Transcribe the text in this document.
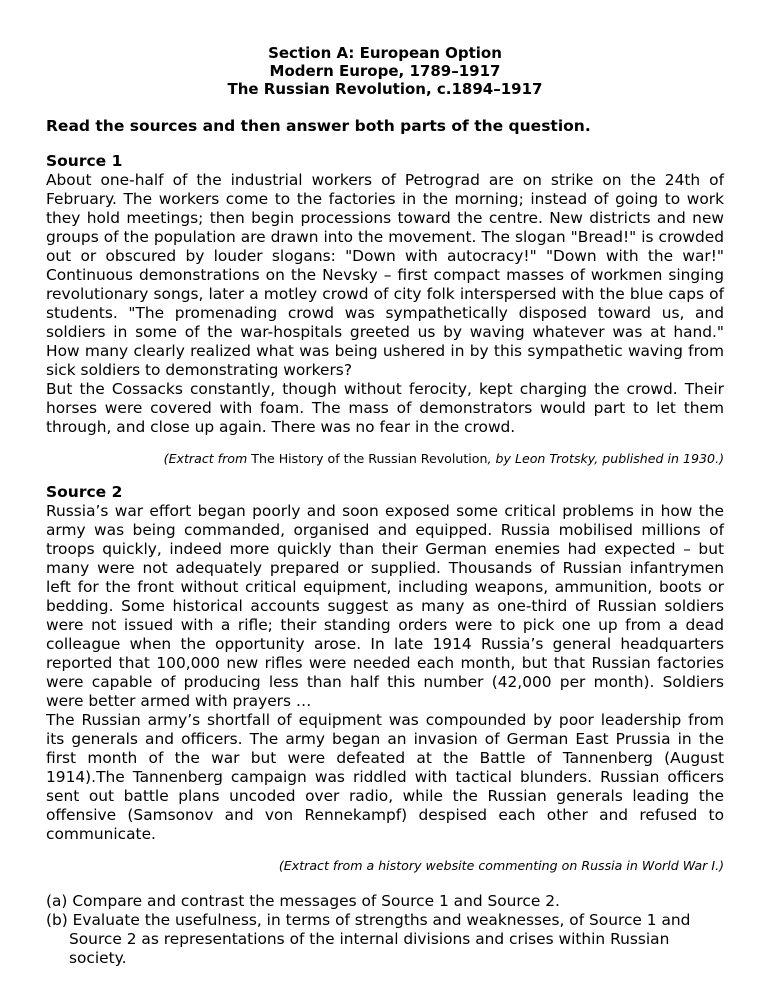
Section A: European Option

Modern Europe, 1789–1917

The Russian Revolution, c.1894–1917

Read the sources and then answer both parts of the question.

Source 1

About one-half of the industrial workers of Petrograd are on strike on the 24th of February. The workers come to the factories in the morning; instead of going to work they hold meetings; then begin processions toward the centre. New districts and new groups of the population are drawn into the movement. The slogan "Bread!" is crowded out or obscured by louder slogans: "Down with autocracy!" "Down with the war!" Continuous demonstrations on the Nevsky – first compact masses of workmen singing revolutionary songs, later a motley crowd of city folk interspersed with the blue caps of students. "The promenading crowd was sympathetically disposed toward us, and soldiers in some of the war-hospitals greeted us by waving whatever was at hand." How many clearly realized what was being ushered in by this sympathetic waving from sick soldiers to demonstrating workers?

But the Cossacks constantly, though without ferocity, kept charging the crowd. Their horses were covered with foam. The mass of demonstrators would part to let them through, and close up again. There was no fear in the crowd.

(Extract from The History of the Russian Revolution, by Leon Trotsky, published in 1930.)

Source 2

Russia’s war effort began poorly and soon exposed some critical problems in how the army was being commanded, organised and equipped. Russia mobilised millions of troops quickly, indeed more quickly than their German enemies had expected – but many were not adequately prepared or supplied. Thousands of Russian infantrymen left for the front without critical equipment, including weapons, ammunition, boots or bedding. Some historical accounts suggest as many as one-third of Russian soldiers were not issued with a rifle; their standing orders were to pick one up from a dead colleague when the opportunity arose. In late 1914 Russia’s general headquarters reported that 100,000 new rifles were needed each month, but that Russian factories were capable of producing less than half this number (42,000 per month). Soldiers were better armed with prayers …

The Russian army’s shortfall of equipment was compounded by poor leadership from its generals and officers. The army began an invasion of German East Prussia in the first month of the war but were defeated at the Battle of Tannenberg (August 1914).The Tannenberg campaign was riddled with tactical blunders. Russian officers sent out battle plans uncoded over radio, while the Russian generals leading the offensive (Samsonov and von Rennekampf) despised each other and refused to communicate.

(Extract from a history website commenting on Russia in World War I.)

(a) Compare and contrast the messages of Source 1 and Source 2.

(b) Evaluate the usefulness, in terms of strengths and weaknesses, of Source 1 and Source 2 as representations of the internal divisions and crises within Russian society.
